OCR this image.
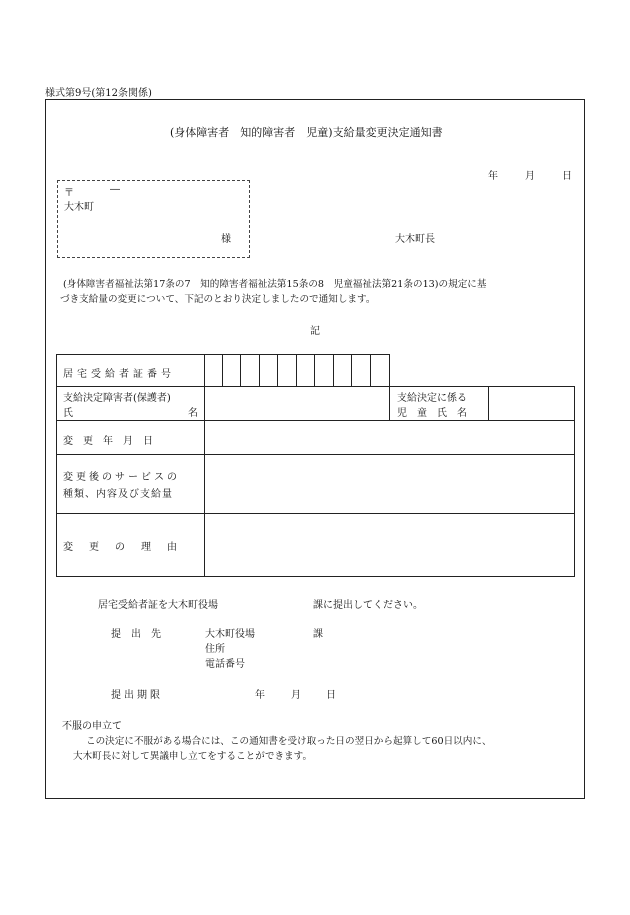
様式第9号(第12条関係)
(身体障害者　知的障害者　児童)支給量変更決定通知書
年	月	日
〒	―
大木町
様	大木町長
(身体障害者福祉法第17条の7　知的障害者福祉法第15条の8　児童福祉法第21条の13)の規定に基
づき支給量の変更について、下記のとおり決定しましたので通知します。
記
居宅受給者証番号
支給決定障害者(保護者)
氏	名
支給決定に係る
児　童　氏　名
変　更　年　月　日
変更後のサービスの
種類、内容及び支給量
変　更　の　理　由
居宅受給者証を大木町役場	課に提出してください。
提　出　先	大木町役場	課
住所
電話番号
提出期限	年	月	日
不服の申立て
この決定に不服がある場合には、この通知書を受け取った日の翌日から起算して60日以内に、
大木町長に対して異議申し立てをすることができます。
